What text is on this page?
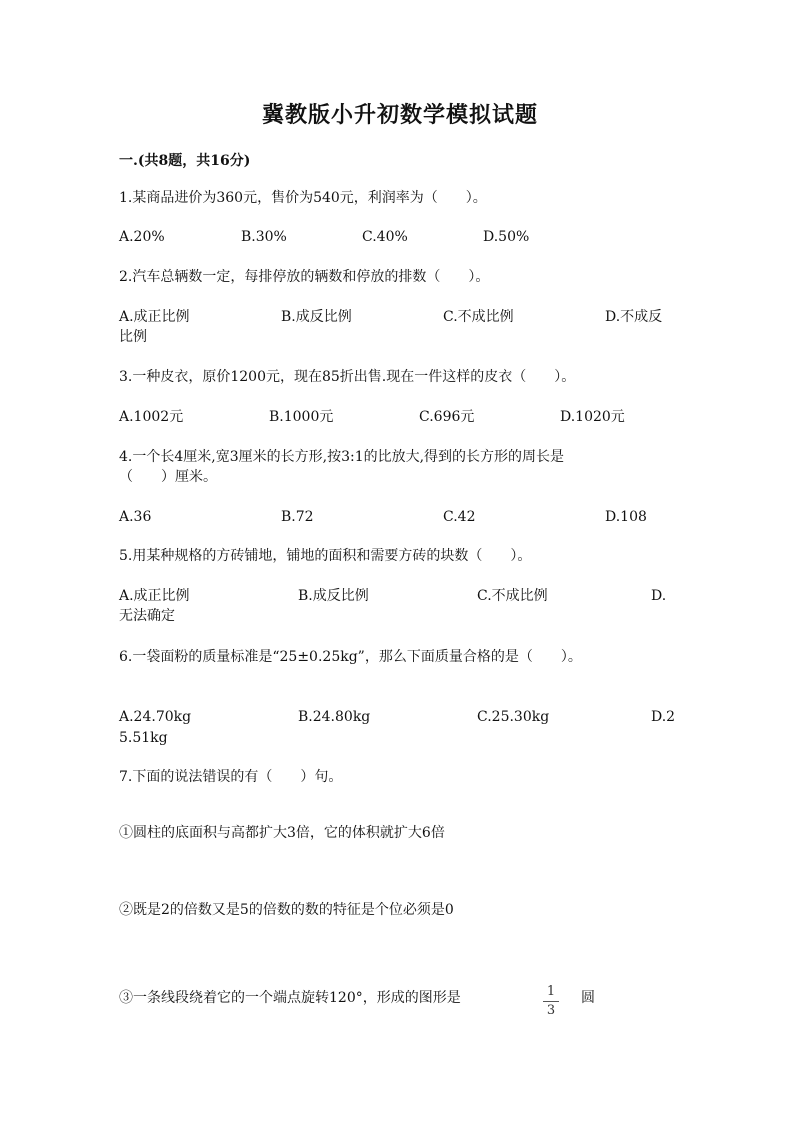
冀教版小升初数学模拟试题
一.(共8题，共16分)
1.某商品进价为360元，售价为540元，利润率为（　　）。
A.20%	B.30%	C.40%	D.50%
2.汽车总辆数一定，每排停放的辆数和停放的排数（　　）。
A.成正比例	B.成反比例	C.不成比例	D.不成反
比例
3.一种皮衣，原价1200元，现在85折出售.现在一件这样的皮衣（　　）。
A.1002元	B.1000元	C.696元	D.1020元
4.一个长4厘米,宽3厘米的长方形,按3:1的比放大,得到的长方形的周长是
（　　）厘米。
A.36	B.72	C.42	D.108
5.用某种规格的方砖铺地，铺地的面积和需要方砖的块数（　　）。
A.成正比例	B.成反比例	C.不成比例	D.
无法确定
6.一袋面粉的质量标准是“25±0.25kg”，那么下面质量合格的是（　　）。
A.24.70kg	B.24.80kg	C.25.30kg	D.2
5.51kg
7.下面的说法错误的有（　　）句。
①圆柱的底面积与高都扩大3倍，它的体积就扩大6倍
②既是2的倍数又是5的倍数的数的特征是个位必须是0
③一条线段绕着它的一个端点旋转120°，形成的图形是	1
3
圆
